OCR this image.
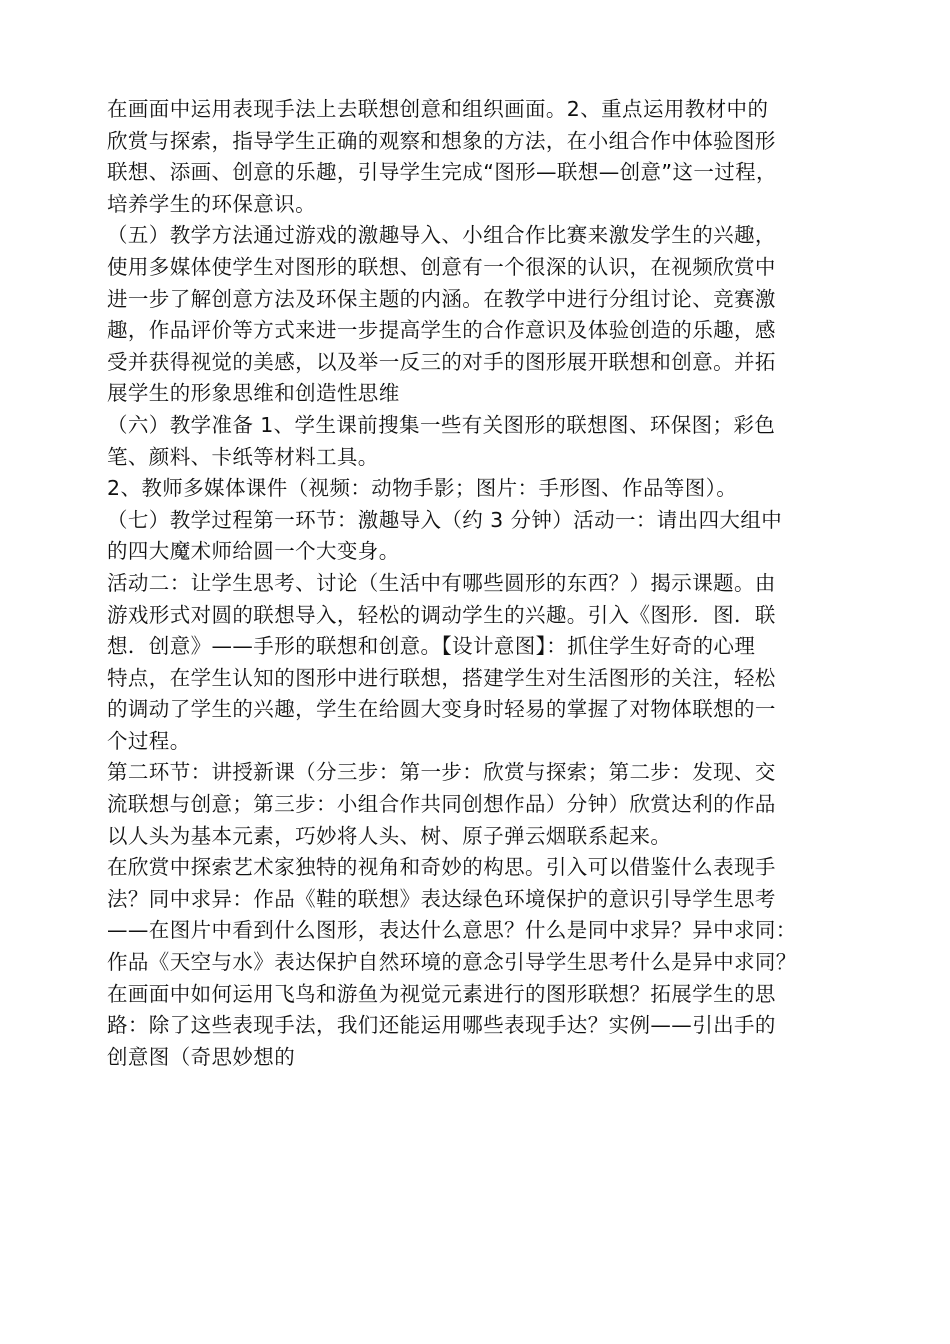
在画面中运用表现手法上去联想创意和组织画面。2、重点运用教材中的
欣赏与探索，指导学生正确的观察和想象的方法，在小组合作中体验图形
联想、添画、创意的乐趣，引导学生完成“图形—联想—创意”这一过程，
培养学生的环保意识。
（五）教学方法通过游戏的激趣导入、小组合作比赛来激发学生的兴趣，
使用多媒体使学生对图形的联想、创意有一个很深的认识，在视频欣赏中
进一步了解创意方法及环保主题的内涵。在教学中进行分组讨论、竞赛激
趣，作品评价等方式来进一步提高学生的合作意识及体验创造的乐趣，感
受并获得视觉的美感，以及举一反三的对手的图形展开联想和创意。并拓
展学生的形象思维和创造性思维
（六）教学准备 1、学生课前搜集一些有关图形的联想图、环保图；彩色
笔、颜料、卡纸等材料工具。
2、教师多媒体课件（视频：动物手影；图片：手形图、作品等图）。
（七）教学过程第一环节：激趣导入（约 3 分钟）活动一：请出四大组中
的四大魔术师给圆一个大变身。
活动二：让学生思考、讨论（生活中有哪些圆形的东西？）揭示课题。由
游戏形式对圆的联想导入，轻松的调动学生的兴趣。引入《图形．图．联
想．创意》——手形的联想和创意。【设计意图】：抓住学生好奇的心理
特点，在学生认知的图形中进行联想，搭建学生对生活图形的关注，轻松
的调动了学生的兴趣，学生在给圆大变身时轻易的掌握了对物体联想的一
个过程。
第二环节：讲授新课（分三步：第一步：欣赏与探索；第二步：发现、交
流联想与创意；第三步：小组合作共同创想作品）分钟）欣赏达利的作品
以人头为基本元素，巧妙将人头、树、原子弹云烟联系起来。
在欣赏中探索艺术家独特的视角和奇妙的构思。引入可以借鉴什么表现手
法？同中求异：作品《鞋的联想》表达绿色环境保护的意识引导学生思考
——在图片中看到什么图形，表达什么意思？什么是同中求异？异中求同：
作品《天空与水》表达保护自然环境的意念引导学生思考什么是异中求同？
在画面中如何运用飞鸟和游鱼为视觉元素进行的图形联想？拓展学生的思
路：除了这些表现手法，我们还能运用哪些表现手达？实例——引出手的
创意图（奇思妙想的
